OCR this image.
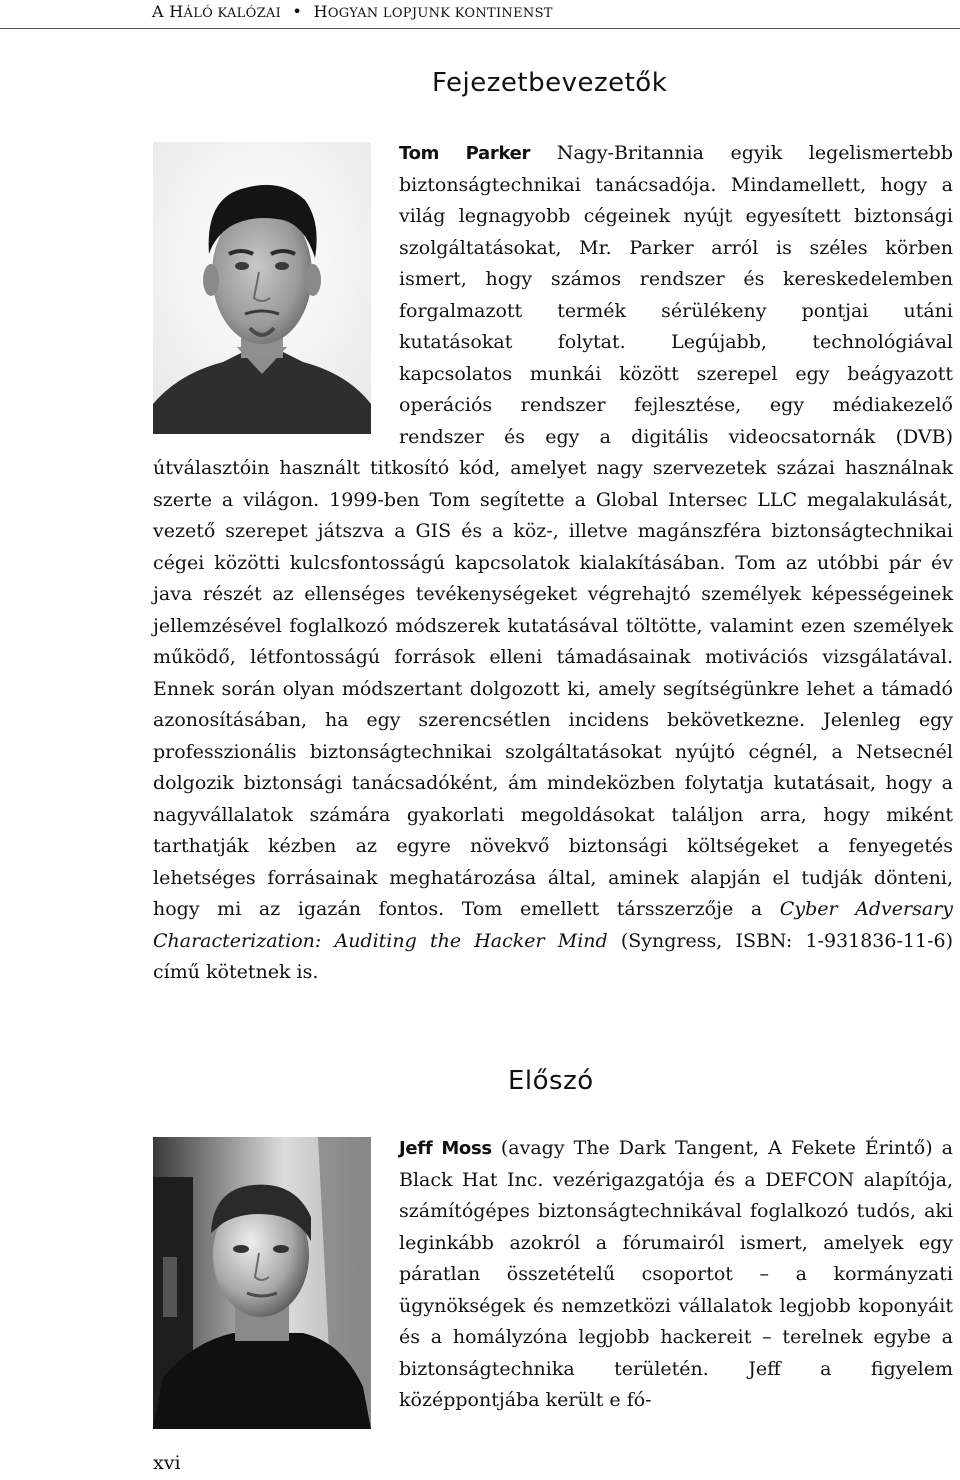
A HÁLÓ KALÓZAI • HOGYAN LOPJUNK KONTINENST
Fejezetbevezetők

Tom Parker Nagy-Britannia egyik legelismertebb biztonságtechnikai tanácsadója. Mindamellett, hogy a világ legnagyobb cégeinek nyújt egyesített biztonsági szolgáltatásokat, Mr. Parker arról is széles körben ismert, hogy számos rendszer és kereskedelemben forgalmazott termék sérülékeny pontjai utáni kutatásokat folytat. Legújabb, technológiával kapcsolatos munkái között szerepel egy beágyazott operációs rendszer fejlesztése, egy médiakezelő rendszer és egy a digitális videocsatornák (DVB) útválasztóin használt titkosító kód, amelyet nagy szervezetek százai használnak szerte a világon. 1999-ben Tom segítette a Global Intersec LLC megalakulását, vezető szerepet játszva a GIS és a köz-, illetve magánszféra biztonságtechnikai cégei közötti kulcsfontosságú kapcsolatok kialakításában. Tom az utóbbi pár év java részét az ellenséges tevékenységeket végrehajtó személyek képességeinek jellemzésével foglalkozó módszerek kutatásával töltötte, valamint ezen személyek működő, létfontosságú források elleni támadásainak motivációs vizsgálatával. Ennek során olyan módszertant dolgozott ki, amely segítségünkre lehet a támadó azonosításában, ha egy szerencsétlen incidens bekövetkezne. Jelenleg egy professzionális biztonságtechnikai szolgáltatásokat nyújtó cégnél, a Netsecnél dolgozik biztonsági tanácsadóként, ám mindeközben folytatja kutatásait, hogy a nagyvállalatok számára gyakorlati megoldásokat találjon arra, hogy miként tarthatják kézben az egyre növekvő biztonsági költségeket a fenyegetés lehetséges forrásainak meghatározása által, aminek alapján el tudják dönteni, hogy mi az igazán fontos. Tom emellett társszerzője a Cyber Adversary Characterization: Auditing the Hacker Mind (Syngress, ISBN: 1-931836-11-6) című kötetnek is.

Előszó

Jeff Moss (avagy The Dark Tangent, A Fekete Érintő) a Black Hat Inc. vezérigazgatója és a DEFCON alapítója, számítógépes biztonságtechnikával foglalkozó tudós, aki leginkább azokról a fórumairól ismert, amelyek egy páratlan összetételű csoportot – a kormányzati ügynökségek és nemzetközi vállalatok legjobb koponyáit és a homályzóna legjobb hackereit – terelnek egybe a biztonságtechnika területén. Jeff a figyelem középpontjába került e fó-

xvi
